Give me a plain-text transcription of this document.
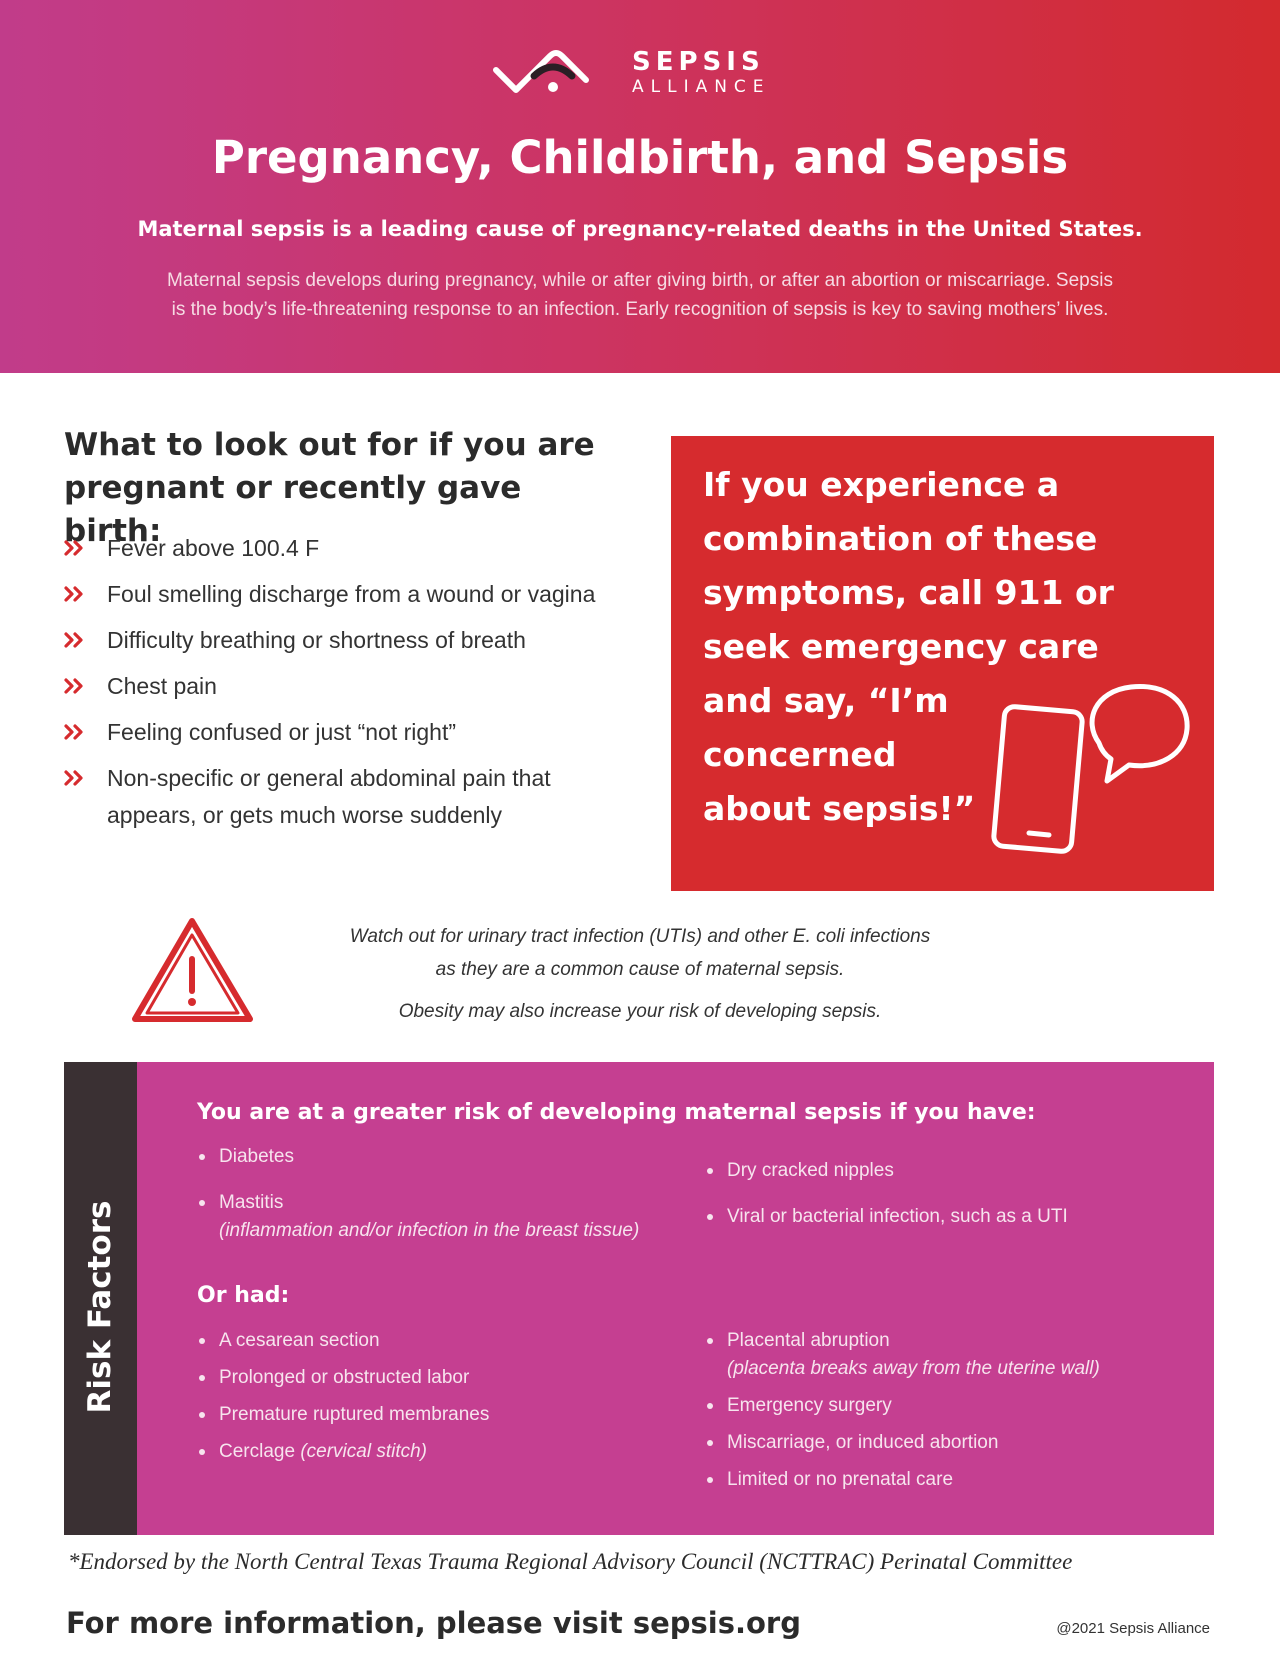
SEPSIS
ALLIANCE
Pregnancy, Childbirth, and Sepsis
Maternal sepsis is a leading cause of pregnancy-related deaths in the United States.
Maternal sepsis develops during pregnancy, while or after giving birth, or after an abortion or miscarriage. Sepsis
is the body’s life-threatening response to an infection. Early recognition of sepsis is key to saving mothers’ lives.
What to look out for if you are
pregnant or recently gave birth:
Fever above 100.4 F
Foul smelling discharge from a wound or vagina
Difficulty breathing or shortness of breath
Chest pain
Feeling confused or just “not right”
Non-specific or general abdominal pain that
appears, or gets much worse suddenly

If you experience a
combination of these
symptoms, call 911 or
seek emergency care
and say, “I’m
concerned
about sepsis!”

Watch out for urinary tract infection (UTIs) and other E. coli infections

as they are a common cause of maternal sepsis.

Obesity may also increase your risk of developing sepsis.

Risk Factors
You are at a greater risk of developing maternal sepsis if you have:
Diabetes
Mastitis
(inflammation and/or infection in the breast tissue)
Dry cracked nipples
Viral or bacterial infection, such as a UTI
Or had:
A cesarean section
Prolonged or obstructed labor
Premature ruptured membranes
Cerclage (cervical stitch)
Placental abruption
(placenta breaks away from the uterine wall)
Emergency surgery
Miscarriage, or induced abortion
Limited or no prenatal care

*Endorsed by the North Central Texas Trauma Regional Advisory Council (NCTTRAC) Perinatal Committee

For more information, please visit sepsis.org	@2021 Sepsis Alliance
